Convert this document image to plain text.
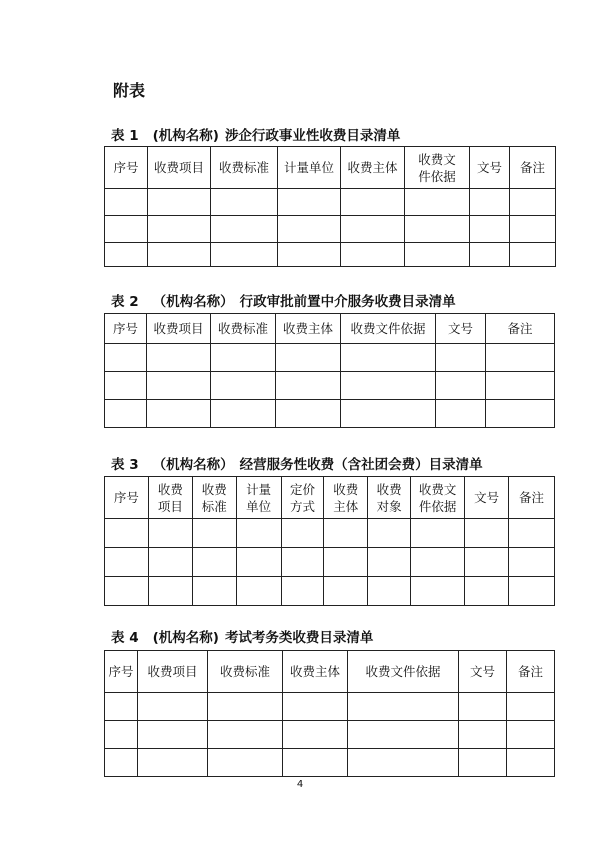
附表
表 1 (机构名称) 涉企行政事业性收费目录清单
序号	收费项目	收费标准	计量单位	收费主体	收费文件依据	文号	备注

表 2 （机构名称） 行政审批前置中介服务收费目录清单
序号	收费项目	收费标准	收费主体	收费文件依据	文号	备注

表 3 （机构名称） 经营服务性收费（含社团会费）目录清单
序号	收费项目	收费标准	计量单位	定价方式	收费主体	收费对象	收费文件依据	文号	备注

表 4 (机构名称) 考试考务类收费目录清单
序号	收费项目	收费标准	收费主体	收费文件依据	文号	备注

4
